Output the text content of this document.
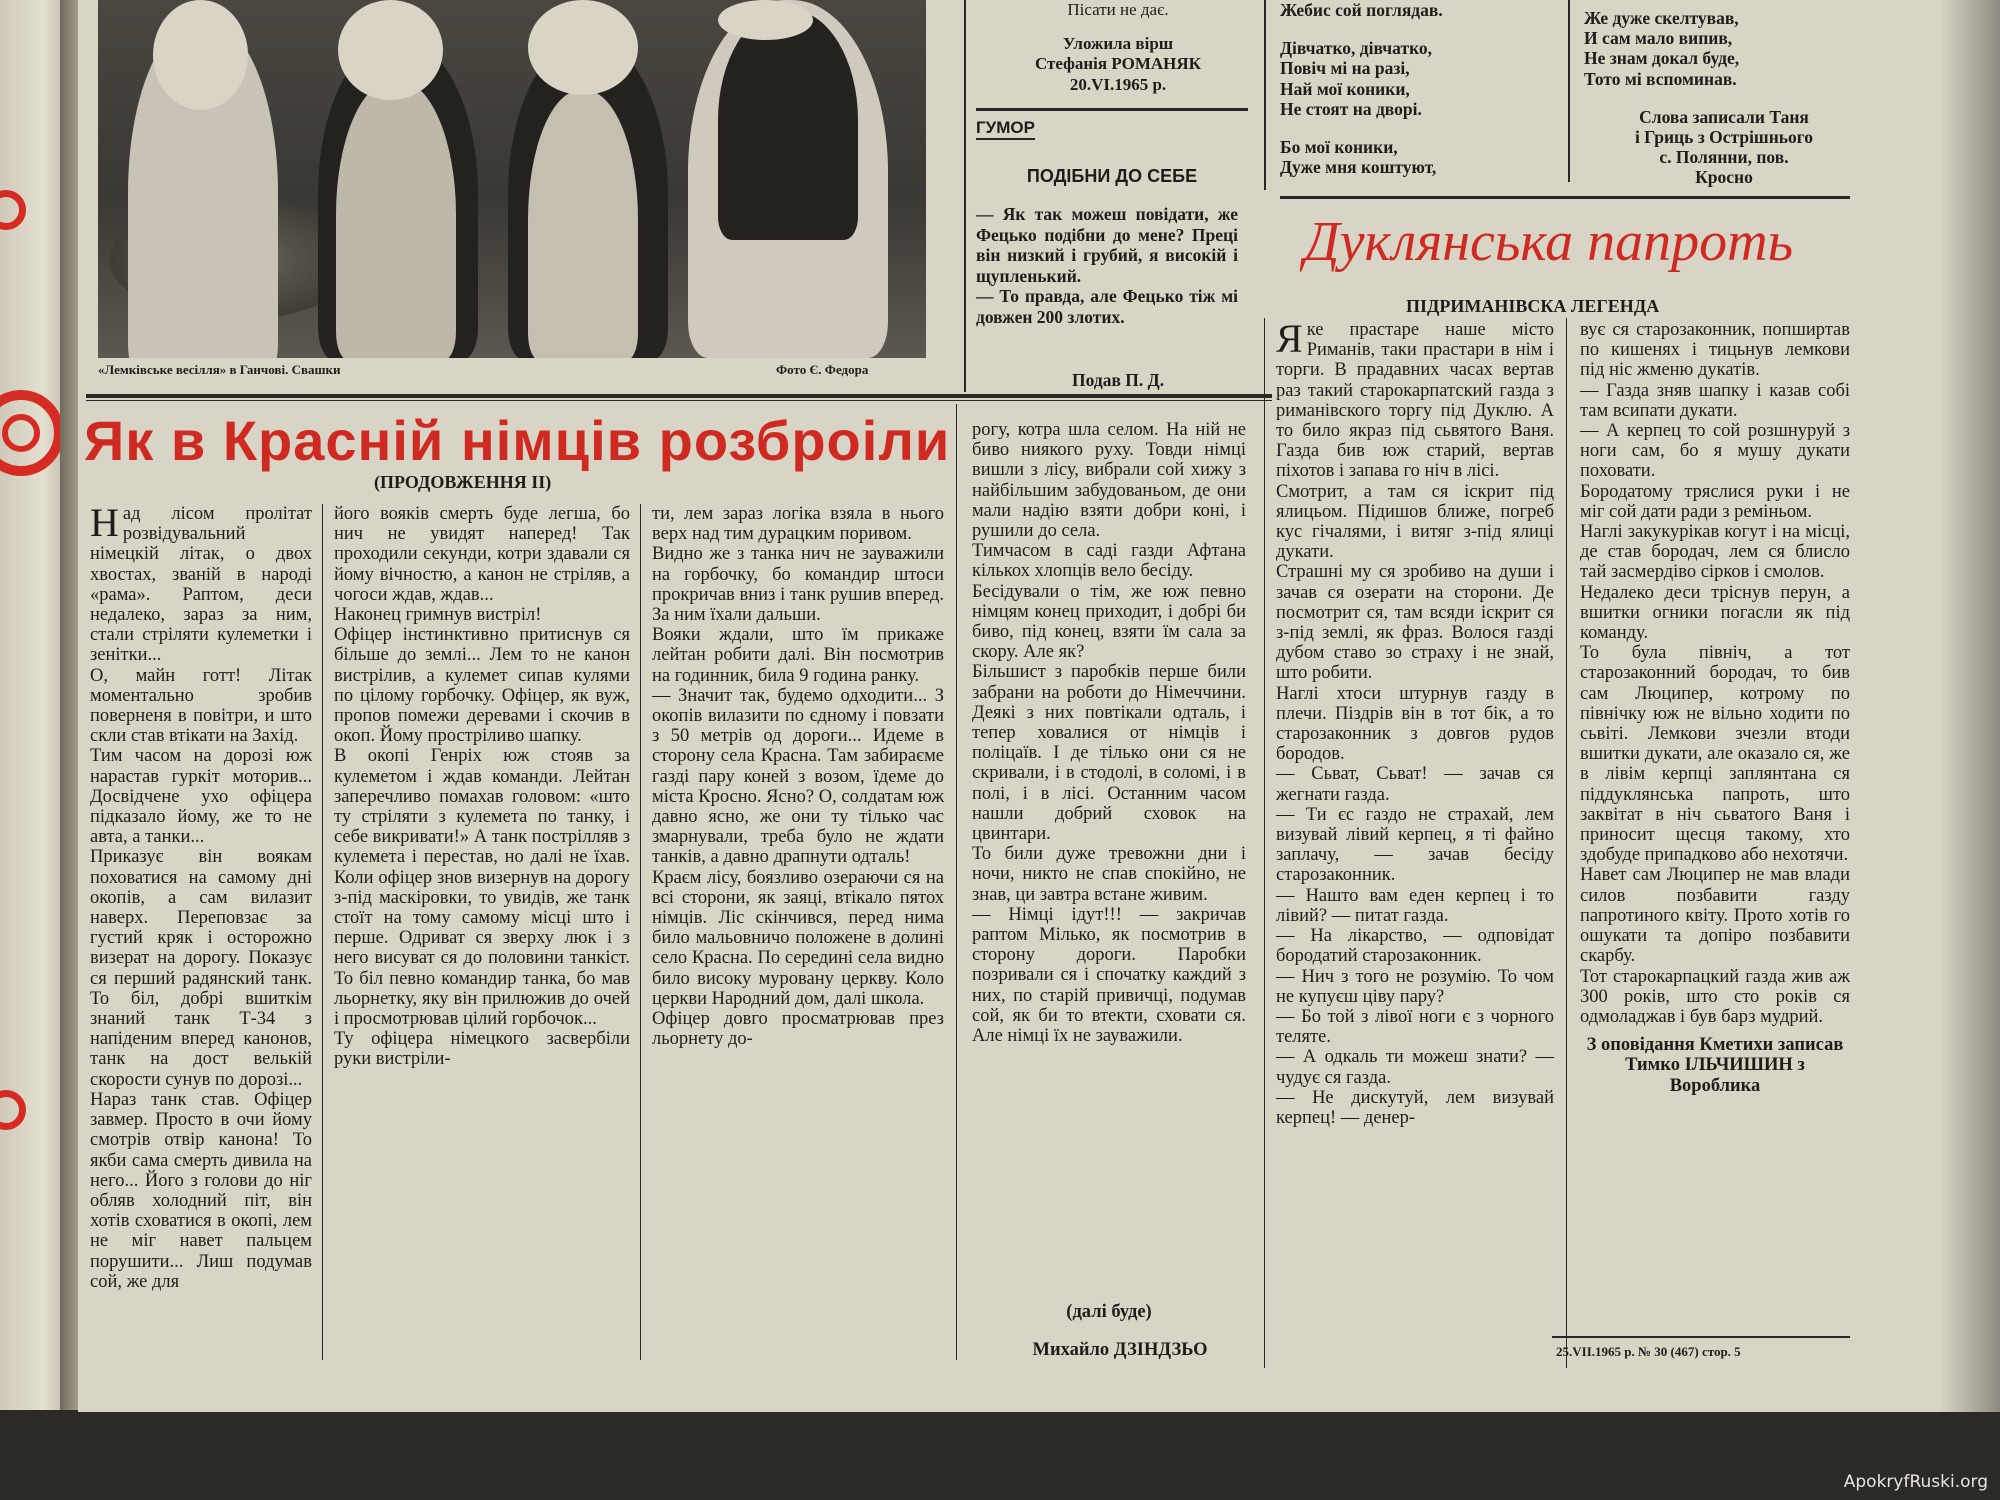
«Лемківське весілля» в Ганчові. Свашки	Фото Є. Федора
Пісати не дає.
Уложила вірш
Стефанія РОМАНЯК
20.VI.1965 р.
ГУМОР
ПОДІБНИ ДО СЕБЕ
— Як так можеш повідати, же Фецько подібни до мене? Преці він низкий і грубий, я високій і щупленький.
— То правда, але Фецько тіж мі довжен 200 злотих.
Подав П. Д.
Жебис сой поглядав.
Дівчатко, дівчатко,
Повіч мі на разі,
Най мої коники,
Не стоят на дворі.
Бо мої коники,
Дуже мня коштуют,
Же дуже скелтував,
И сам мало випив,
Не знам докал буде,
Тото мі вспоминав.
Слова записали Таня
і Гриць з Острішнього
с. Полянни, пов.
Кросно
Як в Красній німців розброіли
(ПРОДОВЖЕННЯ II)

Над лісом пролітат розвідувальний німецкій літак, о двох хвостах, званій в народі «рама». Раптом, деси недалеко, зараз за ним, стали стріляти кулеметки і зенітки...
О, майн готт! Літак моментально зробив поверненя в повітри, и што скли став втікати на Захід.
Тим часом на дорозі юж нарастав гуркіт моторив... Досвідчене ухо офіцера підказало йому, же то не авта, а танки...
Приказує він воякам поховатися на самому дні окопів, а сам вилазит наверх. Переповзає за густий кряк і осторожно визерат на дорогу. Показує ся перший радянский танк. То біл, добрі вшиткім знаний танк Т-34 з напіденим вперед канонов, танк на дост велькій скорости сунув по дорозі...
Нараз танк став. Офіцер завмер. Просто в очи йому смотрів отвір канона! То якби сама смерть дивила на него... Його з голови до ніг обляв холодний піт, він хотів сховатися в окопі, лем не міг навет пальцем порушити... Лиш подумав сой, же для

його вояків смерть буде легша, бо нич не увидят наперед! Так проходили секунди, котри здавали ся йому вічностю, а канон не стріляв, а чогоси ждав, ждав...
Наконец гримнув вистріл!
Офіцер інстинктивно притиснув ся більше до землі... Лем то не канон вистрілив, а кулемет сипав кулями по цілому горбочку. Офіцер, як вуж, пропов помежи деревами і скочив в окоп. Йому простріливо шапку.
В окопі Генріх юж стояв за кулеметом і ждав команди. Лейтан заперечливо помахав головом: «што ту стріляти з кулемета по танку, і себе викривати!» А танк пострілляв з кулемета і перестав, но далі не їхав. Коли офіцер знов визернув на дорогу з-під маскіровки, то увидів, же танк стоїт на тому самому місці што і перше. Одриват ся зверху люк і з него висуват ся до половини танкіст. То біл певно командир танка, бо мав льорнетку, яку він прилюжив до очей і просмотрював цілий горбочок...
Ту офіцера німецкого засвербіли руки вистріли-

ти, лем зараз логіка взяла в нього верх над тим дурацким поривом.
Видно же з танка нич не зауважили на горбочку, бо командир штоси прокричав вниз і танк рушив вперед. За ним їхали дальши.
Вояки ждали, што їм прикаже лейтан робити далі. Він посмотрив на годинник, била 9 година ранку.
— Значит так, будемо одходити... З окопів вилазити по єдному і повзати з 50 метрів од дороги... Идеме в сторону села Красна. Там забираєме газді пару коней з возом, їдеме до міста Кросно. Ясно? О, солдатам юж давно ясно, же они ту тілько час змарнували, треба було не ждати танків, а давно драпнути одталь!
Краєм лісу, боязливо озераючи ся на всі сторони, як заяці, втікало пятох німців. Ліс скінчився, перед нима било мальовничо положене в долині село Красна. По середині села видно било високу муровану церкву. Коло церкви Народний дом, далі школа.
Офіцер довго просматрював през льорнету до-

рогу, котра шла селом. На ній не биво ниякого руху. Товди німці вишли з лісу, вибрали сой хижу з найбільшим забудованьом, де они мали надію взяти добри коні, і рушили до села.
Тимчасом в саді газди Афтана кількох хлопців вело бесіду.
Бесідували о тім, же юж певно німцям конец приходит, і добрі би биво, під конец, взяти їм сала за скору. Але як?
Більшист з паробків перше били забрани на роботи до Німеччини. Деякі з них повтікали одталь, і тепер ховалися от німців і поліцаїв. І де тілько они ся не скривали, і в стодолі, в соломі, і в полі, і в лісі. Останним часом нашли добрий сховок на цвинтари.
То били дуже тревожни дни і ночи, никто не спав спокійно, не знав, ци завтра встане живим.
— Німці ідут!!! — закричав раптом Мілько, як посмотрив в сторону дороги. Паробки позривали ся і спочатку каждий з них, по старій привичці, подумав сой, як би то втекти, сховати ся. Але німці їх не зауважили.

(далі буде)
Михайло ДЗІНДЗЬО
Дуклянська папроть
ПІДРИМАНІВСКА ЛЕГЕНДА

Яке прастаре наше місто Риманів, таки прастари в нім і торги. В прадавних часах вертав раз такий старокарпатский газда з риманівского торгу під Дуклю. А то било якраз під сьвятого Ваня. Газда бив юж старий, вертав піхотов і запава го ніч в лісі.
Смотрит, а там ся іскрит під ялицьом. Підишов ближе, погреб кус гічалями, і витяг з-під ялиці дукати.
Страшні му ся зробиво на души і зачав ся озерати на сторони. Де посмотрит ся, там всяди іскрит ся з-під землі, як фраз. Волося газді дубом ставо зо страху і не знай, што робити.
Наглі хтоси штурнув газду в плечи. Піздрів він в тот бік, а то старозаконник з довгов рудов бородов.
— Сьват, Сьват! — зачав ся жегнати газда.
— Ти єс газдо не страхай, лем визувай лівий керпец, я ті файно заплачу, — зачав бесіду старозаконник.
— Нашто вам еден керпец і то лівий? — питат газда.
— На лікарство, — одповідат бородатий старозаконник.
— Нич з того не розумію. То чом не купуєш ціву пару?
— Бо той з лівої ноги є з чорного теляте.
— А одкаль ти можеш знати? — чудує ся газда.
— Не дискутуй, лем визувай керпец! — денер-

вує ся старозаконник, попширтав по кишенях і тицьнув лемкови під ніс жменю дукатів.
— Газда зняв шапку і казав собі там всипати дукати.
— А керпец то сой розшнуруй з ноги сам, бо я мушу дукати поховати.
Бородатому тряслися руки і не міг сой дати ради з реміньом.
Наглі закукурікав когут і на місці, де став бородач, лем ся блисло тай засмердіво сірков і смолов.
Недалеко деси тріснув перун, а вшитки огники погасли як під команду.
То була північ, а тот старозаконний бородач, то бив сам Люципер, котрому по північку юж не вільно ходити по сьвіті. Лемкови зчезли втоди вшитки дукати, але оказало ся, же в лівім керпці заплянтана ся піддуклянська папроть, што заквітат в ніч сьватого Ваня і приносит щесця такому, хто здобуде припадково або нехотячи.
Навет сам Люципер не мав влади силов позбавити газду папротиного квіту. Прото хотів го ошукати та допіро позбавити скарбу.
Тот старокарпацкий газда жив аж 300 років, што сто років ся одмоладжав і був барз мудрий.

З оповідання Кметихи записав
Тимко ІЛЬЧИШИН з Вороблика
25.VII.1965 р. № 30 (467) стор. 5
ApokryfRuski.org
